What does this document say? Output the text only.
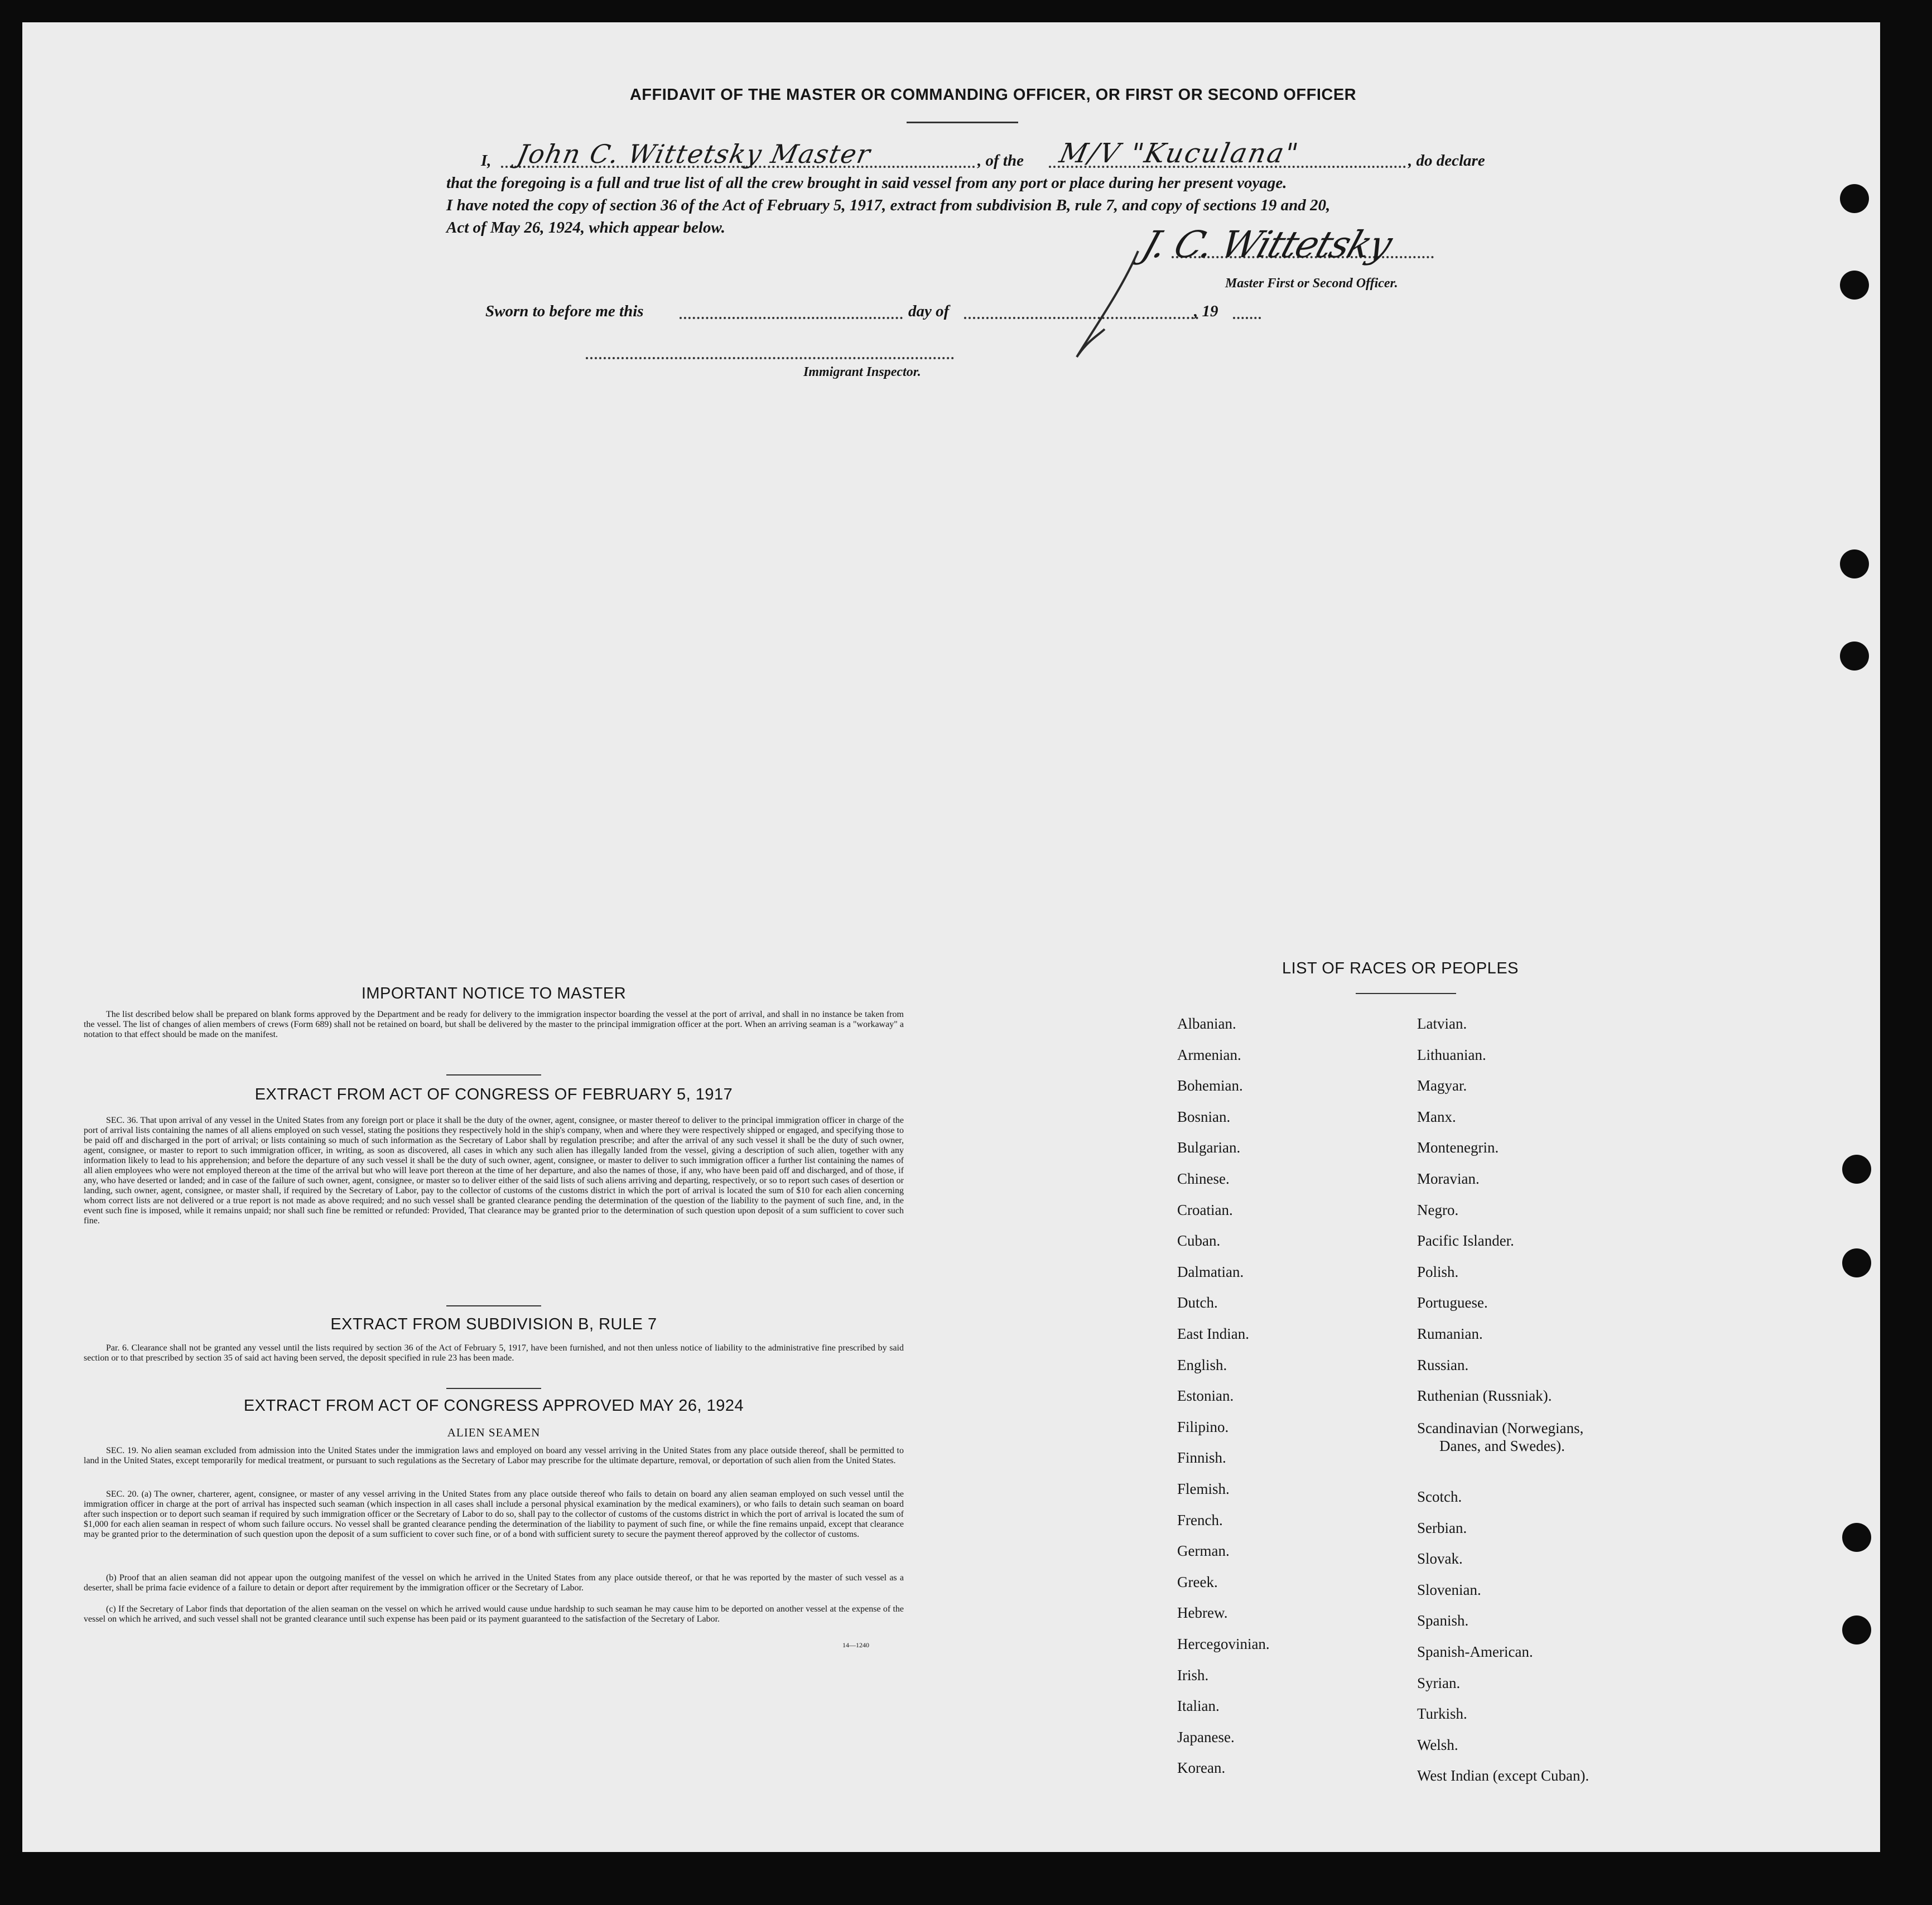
AFFIDAVIT OF THE MASTER OR COMMANDING OFFICER, OR FIRST OR SECOND OFFICER
I, John C. Wittetsky Master	, of the M/V "Kuculana"	, do declare
that the foregoing is a full and true list of all the crew brought in said vessel from any port or place during her present voyage.
I have noted the copy of section 36 of the Act of February 5, 1917, extract from subdivision B, rule 7, and copy of sections 19 and 20,
Act of May 26, 1924, which appear below.	J. C. Wittetsky
Master First or Second Officer.
Sworn to before me this	day of	, 19
Immigrant Inspector.
IMPORTANT NOTICE TO MASTER
The list described below shall be prepared on blank forms approved by the Department and be ready for delivery to the immigration inspector boarding the vessel at the port of arrival, and shall in no instance be taken from the vessel. The list of changes of alien members of crews (Form 689) shall not be retained on board, but shall be delivered by the master to the principal immigration officer at the port. When an arriving seaman is a "workaway" a notation to that effect should be made on the manifest.
EXTRACT FROM ACT OF CONGRESS OF FEBRUARY 5, 1917
SEC. 36. That upon arrival of any vessel in the United States from any foreign port or place it shall be the duty of the owner, agent, consignee, or master thereof to deliver to the principal immigration officer in charge of the port of arrival lists containing the names of all aliens employed on such vessel, stating the positions they respectively hold in the ship's company, when and where they were respectively shipped or engaged, and specifying those to be paid off and discharged in the port of arrival; or lists containing so much of such information as the Secretary of Labor shall by regulation prescribe; and after the arrival of any such vessel it shall be the duty of such owner, agent, consignee, or master to report to such immigration officer, in writing, as soon as discovered, all cases in which any such alien has illegally landed from the vessel, giving a description of such alien, together with any information likely to lead to his apprehension; and before the departure of any such vessel it shall be the duty of such owner, agent, consignee, or master to deliver to such immigration officer a further list containing the names of all alien employees who were not employed thereon at the time of the arrival but who will leave port thereon at the time of her departure, and also the names of those, if any, who have been paid off and discharged, and of those, if any, who have deserted or landed; and in case of the failure of such owner, agent, consignee, or master so to deliver either of the said lists of such aliens arriving and departing, respectively, or so to report such cases of desertion or landing, such owner, agent, consignee, or master shall, if required by the Secretary of Labor, pay to the collector of customs of the customs district in which the port of arrival is located the sum of $10 for each alien concerning whom correct lists are not delivered or a true report is not made as above required; and no such vessel shall be granted clearance pending the determination of the question of the liability to the payment of such fine, and, in the event such fine is imposed, while it remains unpaid; nor shall such fine be remitted or refunded: Provided, That clearance may be granted prior to the determination of such question upon deposit of a sum sufficient to cover such fine.
EXTRACT FROM SUBDIVISION B, RULE 7
Par. 6. Clearance shall not be granted any vessel until the lists required by section 36 of the Act of February 5, 1917, have been furnished, and not then unless notice of liability to the administrative fine prescribed by said section or to that prescribed by section 35 of said act having been served, the deposit specified in rule 23 has been made.
EXTRACT FROM ACT OF CONGRESS APPROVED MAY 26, 1924
ALIEN SEAMEN
SEC. 19. No alien seaman excluded from admission into the United States under the immigration laws and employed on board any vessel arriving in the United States from any place outside thereof, shall be permitted to land in the United States, except temporarily for medical treatment, or pursuant to such regulations as the Secretary of Labor may prescribe for the ultimate departure, removal, or deportation of such alien from the United States.
SEC. 20. (a) The owner, charterer, agent, consignee, or master of any vessel arriving in the United States from any place outside thereof who fails to detain on board any alien seaman employed on such vessel until the immigration officer in charge at the port of arrival has inspected such seaman (which inspection in all cases shall include a personal physical examination by the medical examiners), or who fails to detain such seaman on board after such inspection or to deport such seaman if required by such immigration officer or the Secretary of Labor to do so, shall pay to the collector of customs of the customs district in which the port of arrival is located the sum of $1,000 for each alien seaman in respect of whom such failure occurs. No vessel shall be granted clearance pending the determination of the liability to payment of such fine, or while the fine remains unpaid, except that clearance may be granted prior to the determination of such question upon the deposit of a sum sufficient to cover such fine, or of a bond with sufficient surety to secure the payment thereof approved by the collector of customs.
(b) Proof that an alien seaman did not appear upon the outgoing manifest of the vessel on which he arrived in the United States from any place outside thereof, or that he was reported by the master of such vessel as a deserter, shall be prima facie evidence of a failure to detain or deport after requirement by the immigration officer or the Secretary of Labor.
(c) If the Secretary of Labor finds that deportation of the alien seaman on the vessel on which he arrived would cause undue hardship to such seaman he may cause him to be deported on another vessel at the expense of the vessel on which he arrived, and such vessel shall not be granted clearance until such expense has been paid or its payment guaranteed to the satisfaction of the Secretary of Labor.
14—1240
LIST OF RACES OR PEOPLES
Albanian.
Armenian.
Bohemian.
Bosnian.
Bulgarian.
Chinese.
Croatian.
Cuban.
Dalmatian.
Dutch.
East Indian.
English.
Estonian.
Filipino.
Finnish.
Flemish.
French.
German.
Greek.
Hebrew.
Hercegovinian.
Irish.
Italian.
Japanese.
Korean.
Latvian.
Lithuanian.
Magyar.
Manx.
Montenegrin.
Moravian.
Negro.
Pacific Islander.
Polish.
Portuguese.
Rumanian.
Russian.
Ruthenian (Russniak).
Scandinavian (Norwegians,
Danes, and Swedes).
Scotch.
Serbian.
Slovak.
Slovenian.
Spanish.
Spanish-American.
Syrian.
Turkish.
Welsh.
West Indian (except Cuban).
